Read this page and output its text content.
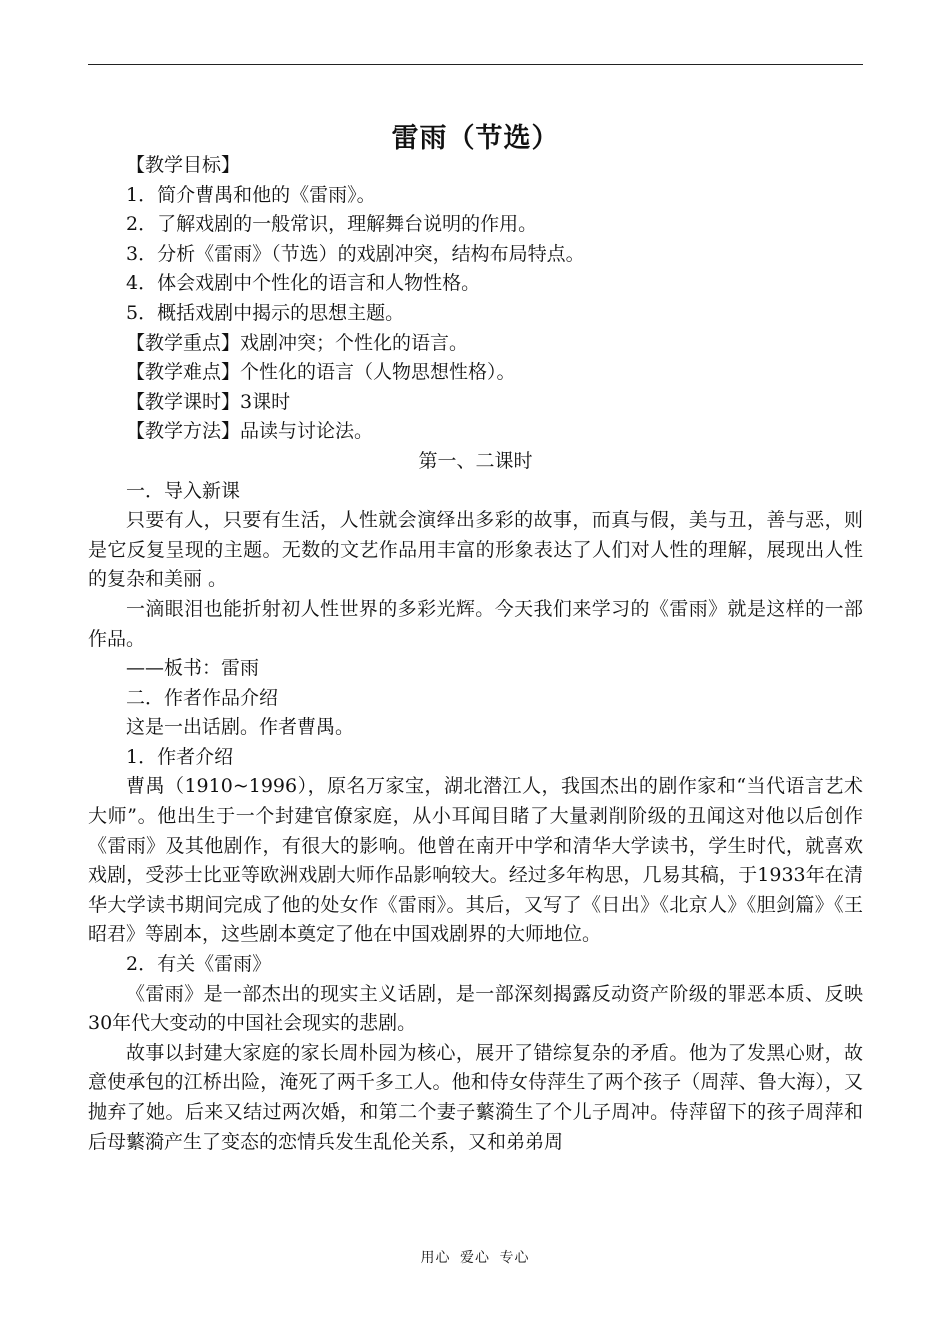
雷雨（节选）

【教学目标】

1．简介曹禺和他的《雷雨》。

2．了解戏剧的一般常识，理解舞台说明的作用。

3．分析《雷雨》（节选）的戏剧冲突，结构布局特点。

4．体会戏剧中个性化的语言和人物性格。

5．概括戏剧中揭示的思想主题。

【教学重点】戏剧冲突；个性化的语言。

【教学难点】个性化的语言（人物思想性格）。

【教学课时】3课时

【教学方法】品读与讨论法。

第一、二课时

一．导入新课

只要有人，只要有生活，人性就会演绎出多彩的故事，而真与假，美与丑，善与恶，则是它反复呈现的主题。无数的文艺作品用丰富的形象表达了人们对人性的理解，展现出人性的复杂和美丽 。

一滴眼泪也能折射初人性世界的多彩光辉。今天我们来学习的《雷雨》就是这样的一部作品。

——板书：雷雨

二．作者作品介绍

这是一出话剧。作者曹禺。

1．作者介绍

曹禺（1910~1996），原名万家宝，湖北潜江人，我国杰出的剧作家和“当代语言艺术大师”。他出生于一个封建官僚家庭，从小耳闻目睹了大量剥削阶级的丑闻这对他以后创作《雷雨》及其他剧作，有很大的影响。他曾在南开中学和清华大学读书，学生时代，就喜欢戏剧，受莎士比亚等欧洲戏剧大师作品影响较大。经过多年构思，几易其稿，于1933年在清华大学读书期间完成了他的处女作《雷雨》。其后，又写了《日出》《北京人》《胆剑篇》《王昭君》等剧本，这些剧本奠定了他在中国戏剧界的大师地位。

2．有关《雷雨》

《雷雨》是一部杰出的现实主义话剧，是一部深刻揭露反动资产阶级的罪恶本质、反映30年代大变动的中国社会现实的悲剧。

故事以封建大家庭的家长周朴园为核心，展开了错综复杂的矛盾。他为了发黑心财，故意使承包的江桥出险，淹死了两千多工人。他和侍女侍萍生了两个孩子（周萍、鲁大海），又抛弃了她。后来又结过两次婚，和第二个妻子蘩漪生了个儿子周冲。侍萍留下的孩子周萍和后母蘩漪产生了变态的恋情兵发生乱伦关系，又和弟弟周

用心 爱心 专心
